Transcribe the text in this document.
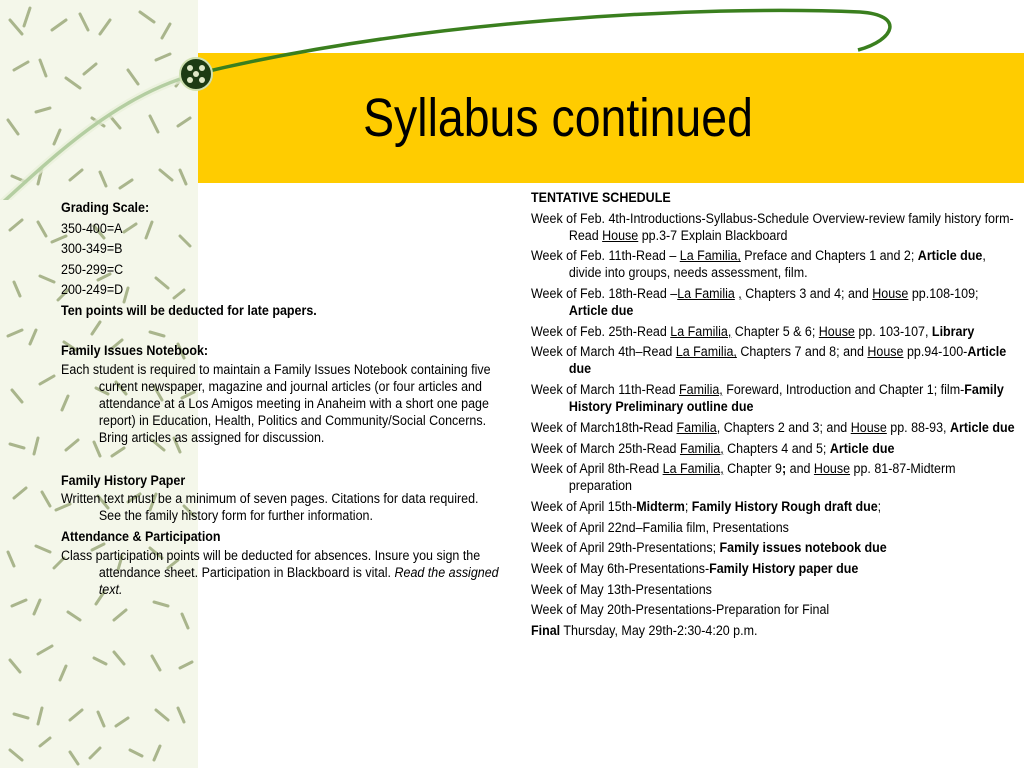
Syllabus continued

Grading Scale:

350-400=A

300-349=B

250-299=C

200-249=D

Ten points will be deducted for late papers.

Family Issues Notebook:

Each student is required to maintain a Family Issues Notebook containing five current newspaper, magazine and journal articles (or four articles and attendance at a Los Amigos meeting in Anaheim with a short one page report) in Education, Health, Politics and Community/Social Concerns. Bring articles as assigned for discussion.

Family History Paper

Written text must be a minimum of seven pages. Citations for data required. See the family history form for further information.

Attendance & Participation

Class participation points will be deducted for absences. Insure you sign the attendance sheet. Participation in Blackboard is vital. Read the assigned text.

TENTATIVE SCHEDULE

Week of Feb. 4th-Introductions-Syllabus-Schedule Overview-review family history form-Read House pp.3-7 Explain Blackboard

Week of Feb. 11th-Read – La Familia, Preface and Chapters 1 and 2; Article due, divide into groups, needs assessment, film.

Week of Feb. 18th-Read –La Familia , Chapters 3 and 4; and House pp.108-109; Article due

Week of Feb. 25th-Read La Familia, Chapter 5 & 6; House pp. 103-107, Library

Week of March 4th–Read La Familia, Chapters 7 and 8; and House pp.94-100-Article due

Week of March 11th-Read Familia, Foreward, Introduction and Chapter 1; film-Family History Preliminary outline due

Week of March18th-Read Familia, Chapters 2 and 3; and House pp. 88-93, Article due

Week of March 25th-Read Familia, Chapters 4 and 5; Article due

Week of April 8th-Read La Familia, Chapter 9; and House pp. 81-87-Midterm preparation

Week of April 15th-Midterm; Family History Rough draft due;

Week of April 22nd–Familia film, Presentations

Week of April 29th-Presentations; Family issues notebook due

Week of May 6th-Presentations-Family History paper due

Week of May 13th-Presentations

Week of May 20th-Presentations-Preparation for Final

Final Thursday, May 29th-2:30-4:20 p.m.
